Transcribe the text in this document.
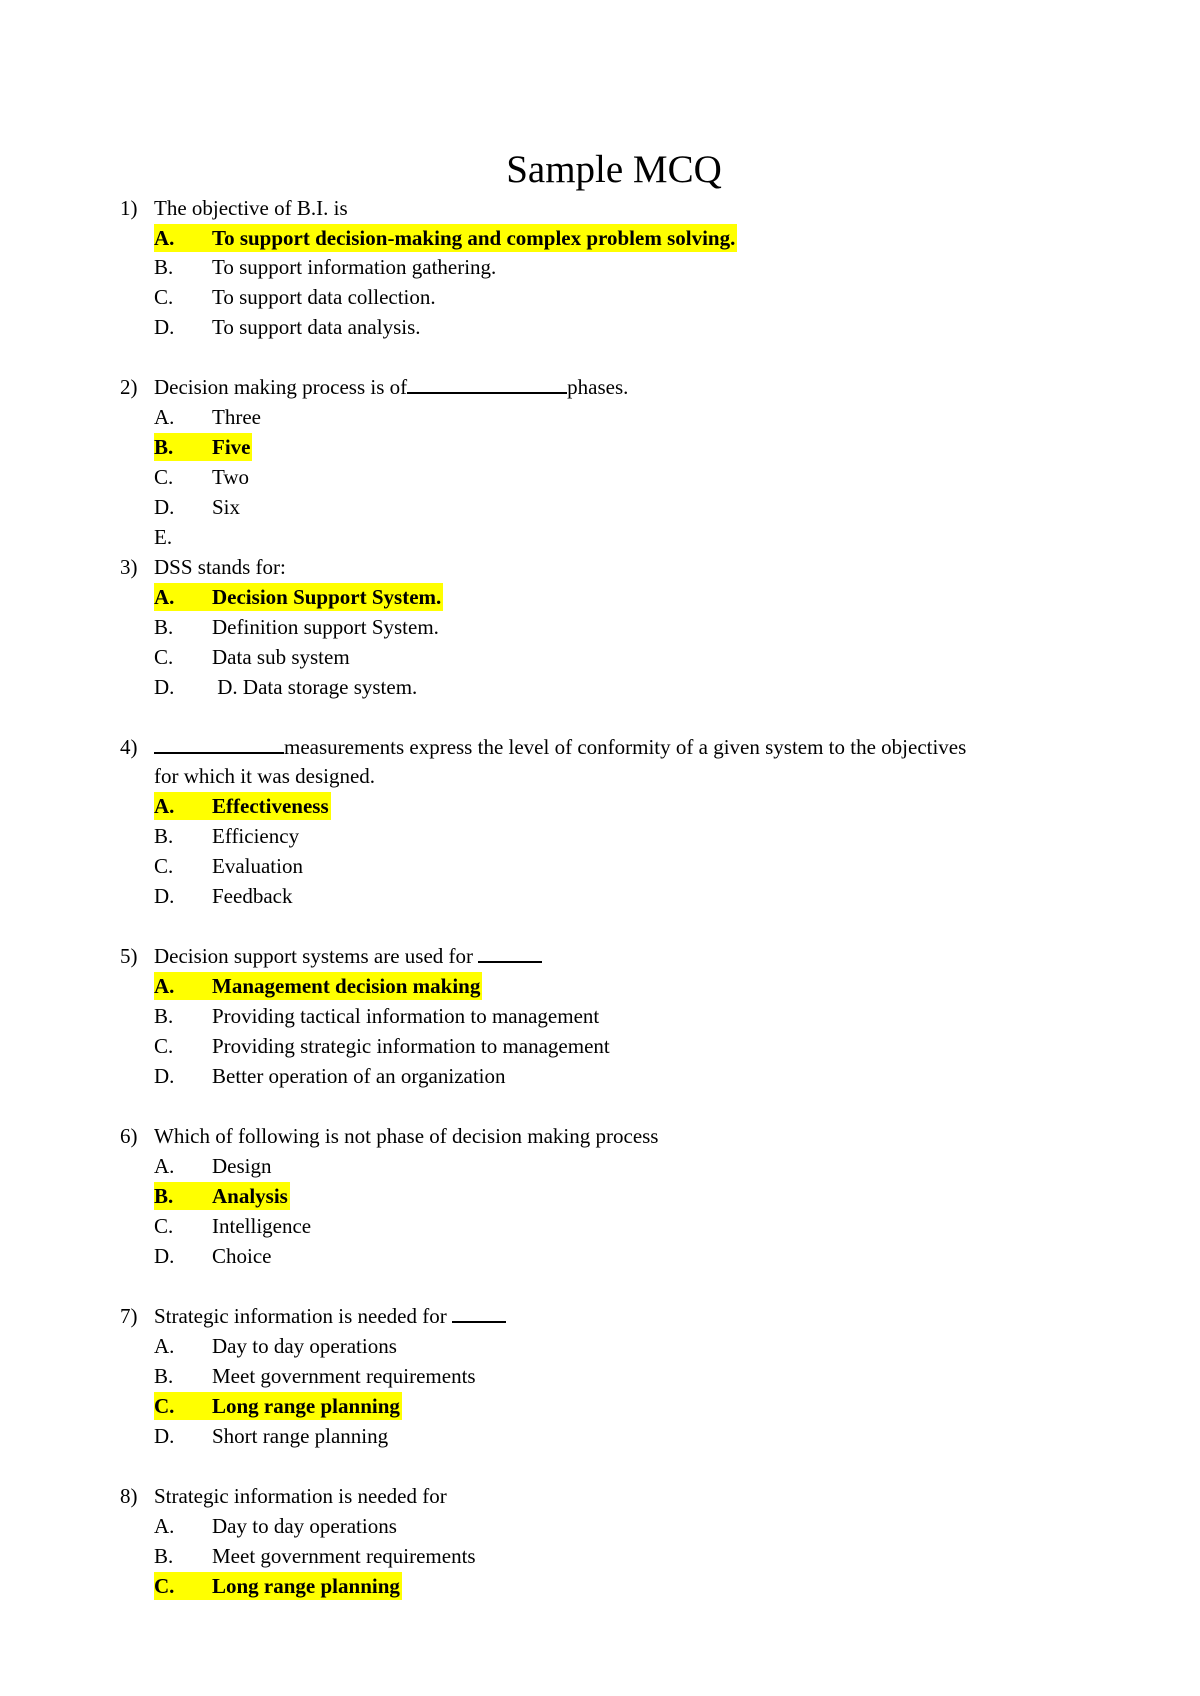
Sample MCQ
1) The objective of B.I. is
A. To support decision-making and complex problem solving.
B. To support information gathering.
C. To support data collection.
D. To support data analysis.
2) Decision making process is of	phases.
A. Three
B. Five
C. Two
D. Six
E.
3) DSS stands for:
A. Decision Support System.
B. Definition support System.
C. Data sub system
D. D. Data storage system.
4)	measurements express the level of conformity of a given system to the objectives
for which it was designed.
A. Effectiveness
B. Efficiency
C. Evaluation
D. Feedback
5) Decision support systems are used for
A. Management decision making
B. Providing tactical information to management
C. Providing strategic information to management
D. Better operation of an organization
6) Which of following is not phase of decision making process
A. Design
B. Analysis
C. Intelligence
D. Choice
7) Strategic information is needed for
A. Day to day operations
B. Meet government requirements
C. Long range planning
D. Short range planning
8) Strategic information is needed for
A. Day to day operations
B. Meet government requirements
C. Long range planning
